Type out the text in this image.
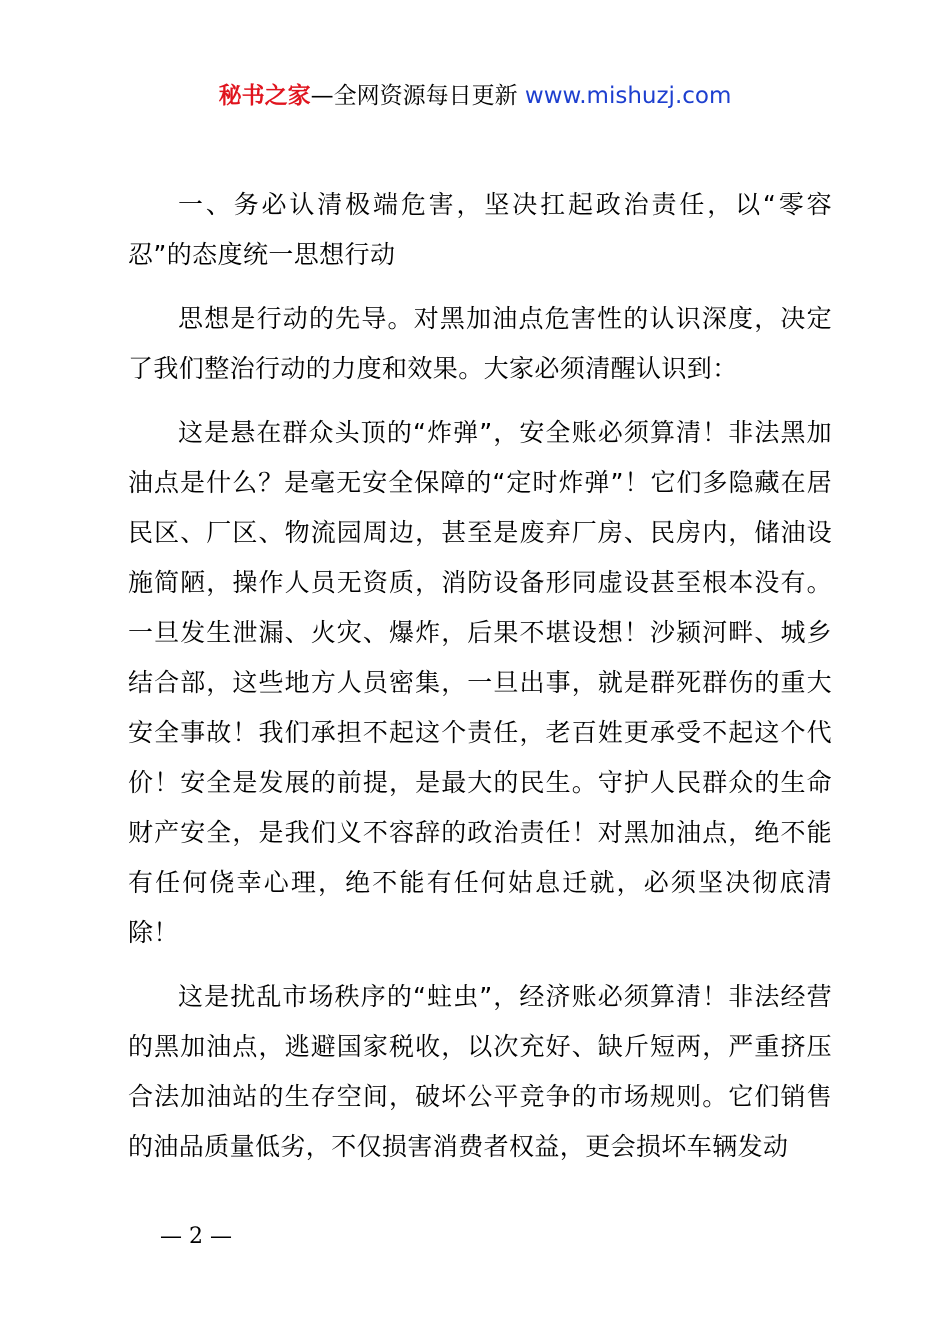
秘书之家—全网资源每日更新 www.mishuzj.com

一、务必认清极端危害，坚决扛起政治责任，以“零容忍”的态度统一思想行动

思想是行动的先导。对黑加油点危害性的认识深度，决定了我们整治行动的力度和效果。大家必须清醒认识到：

这是悬在群众头顶的“炸弹”，安全账必须算清！非法黑加油点是什么？是毫无安全保障的“定时炸弹”！它们多隐藏在居民区、厂区、物流园周边，甚至是废弃厂房、民房内，储油设施简陋，操作人员无资质，消防设备形同虚设甚至根本没有。一旦发生泄漏、火灾、爆炸，后果不堪设想！沙颍河畔、城乡结合部，这些地方人员密集，一旦出事，就是群死群伤的重大安全事故！我们承担不起这个责任，老百姓更承受不起这个代价！安全是发展的前提，是最大的民生。守护人民群众的生命财产安全，是我们义不容辞的政治责任！对黑加油点，绝不能有任何侥幸心理，绝不能有任何姑息迁就，必须坚决彻底清除！

这是扰乱市场秩序的“蛀虫”，经济账必须算清！非法经营的黑加油点，逃避国家税收，以次充好、缺斤短两，严重挤压合法加油站的生存空间，破坏公平竞争的市场规则。它们销售的油品质量低劣，不仅损害消费者权益，更会损坏车辆发动

— 2 —
